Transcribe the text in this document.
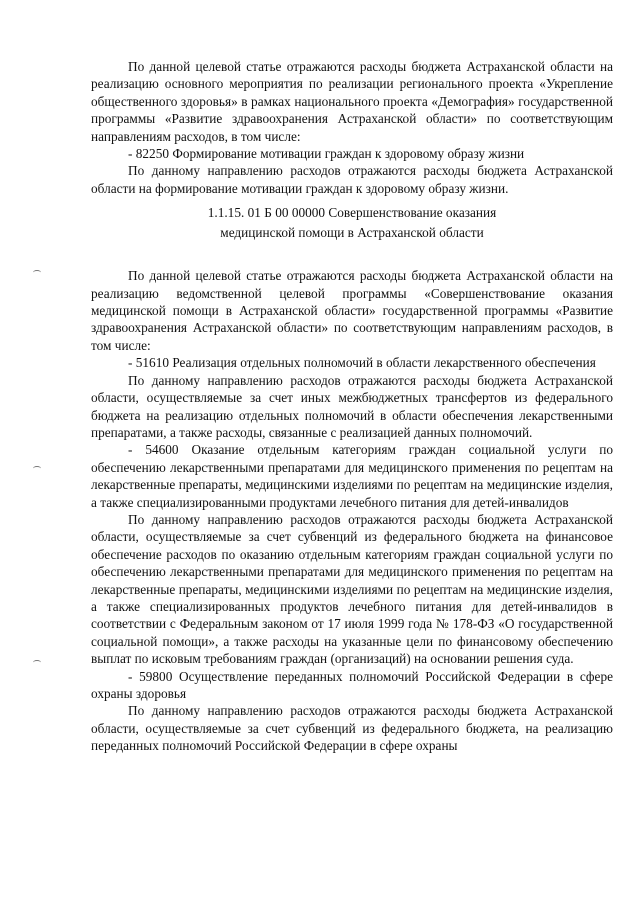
По данной целевой статье отражаются расходы бюджета Астраханской области на реализацию основного мероприятия по реализации регионального проекта «Укрепление общественного здоровья» в рамках национального проекта «Демография» государственной программы «Развитие здравоохранения Астраханской области» по соответствующим направлениям расходов, в том числе:

- 82250 Формирование мотивации граждан к здоровому образу жизни

По данному направлению расходов отражаются расходы бюджета Астраханской области на формирование мотивации граждан к здоровому образу жизни.

1.1.15. 01 Б 00 00000 Совершенствование оказания
медицинской помощи в Астраханской области

По данной целевой статье отражаются расходы бюджета Астраханской области на реализацию ведомственной целевой программы «Совершенствование оказания медицинской помощи в Астраханской области» государственной программы «Развитие здравоохранения Астраханской области» по соответствующим направлениям расходов, в том числе:

- 51610 Реализация отдельных полномочий в области лекарственного обеспечения

По данному направлению расходов отражаются расходы бюджета Астраханской области, осуществляемые за счет иных межбюджетных трансфертов из федерального бюджета на реализацию отдельных полномочий в области обеспечения лекарственными препаратами, а также расходы, связанные с реализацией данных полномочий.

- 54600 Оказание отдельным категориям граждан социальной услуги по обеспечению лекарственными препаратами для медицинского применения по рецептам на лекарственные препараты, медицинскими изделиями по рецептам на медицинские изделия, а также специализированными продуктами лечебного питания для детей-инвалидов

По данному направлению расходов отражаются расходы бюджета Астраханской области, осуществляемые за счет субвенций из федерального бюджета на финансовое обеспечение расходов по оказанию отдельным категориям граждан социальной услуги по обеспечению лекарственными препаратами для медицинского применения по рецептам на лекарственные препараты, медицинскими изделиями по рецептам на медицинские изделия, а также специализированных продуктов лечебного питания для детей-инвалидов в соответствии с Федеральным законом от 17 июля 1999 года № 178-ФЗ «О государственной социальной помощи», а также расходы на указанные цели по финансовому обеспечению выплат по исковым требованиям граждан (организаций) на основании решения суда.

- 59800 Осуществление переданных полномочий Российской Федерации в сфере охраны здоровья

По данному направлению расходов отражаются расходы бюджета Астраханской области, осуществляемые за счет субвенций из федерального бюджета, на реализацию переданных полномочий Российской Федерации в сфере охраны
